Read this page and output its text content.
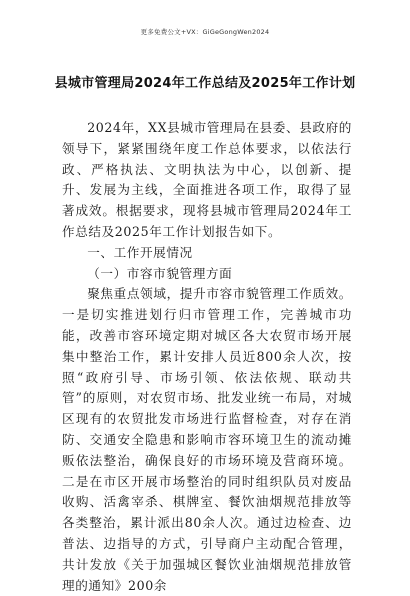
更多免费公文+VX：GiGeGongWen2024
县城市管理局2024年工作总结及2025年工作计划

2024年，XX县城市管理局在县委、县政府的领导下，紧紧围绕年度工作总体要求，以依法行政、严格执法、文明执法为中心，以创新、提升、发展为主线，全面推进各项工作，取得了显著成效。根据要求，现将县城市管理局2024年工作总结及2025年工作计划报告如下。

一、工作开展情况

（一）市容市貌管理方面

聚焦重点领域，提升市容市貌管理工作质效。一是切实推进划行归市管理工作，完善城市功能，改善市容环境定期对城区各大农贸市场开展集中整治工作，累计安排人员近800余人次，按照“政府引导、市场引领、依法依规、联动共管”的原则，对农贸市场、批发业统一布局，对城区现有的农贸批发市场进行监督检查，对存在消防、交通安全隐患和影响市容环境卫生的流动摊贩依法整治，确保良好的市场环境及营商环境。二是在市区开展市场整治的同时组织队员对废品收购、活禽宰杀、棋牌室、餐饮油烟规范排放等各类整治，累计派出80余人次。通过边检查、边普法、边指导的方式，引导商户主动配合管理，共计发放《关于加强城区餐饮业油烟规范排放管理的通知》200余
